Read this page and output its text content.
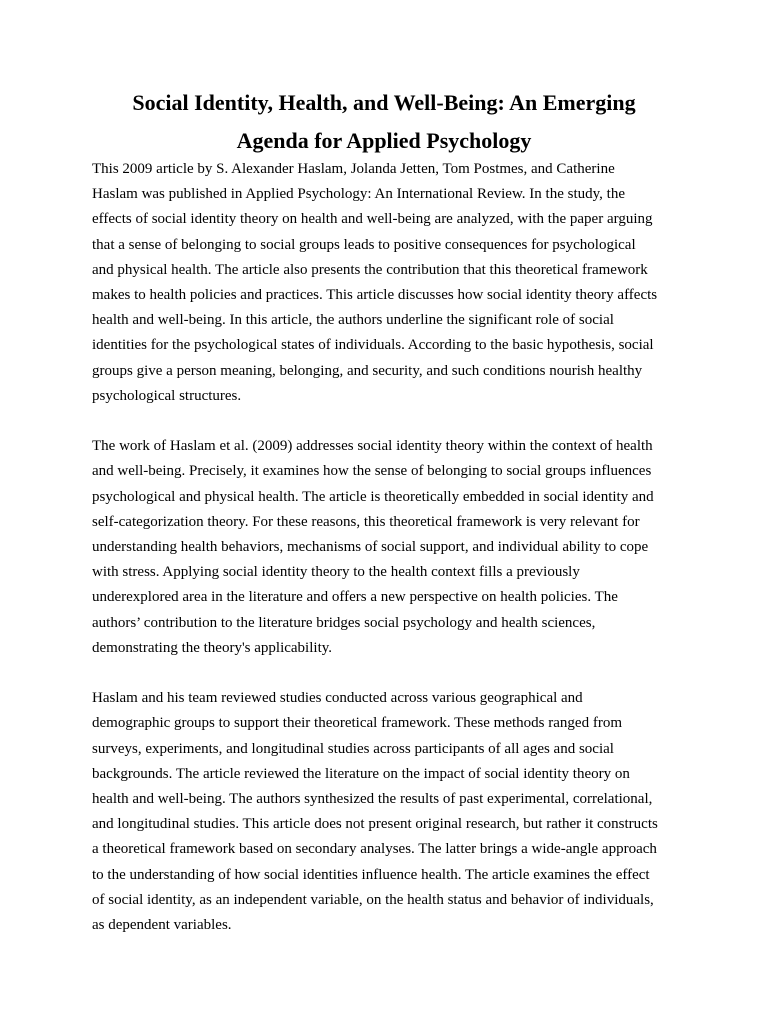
Social Identity, Health, and Well-Being: An Emerging
Agenda for Applied Psychology

This 2009 article by S. Alexander Haslam, Jolanda Jetten, Tom Postmes, and Catherine
Haslam was published in Applied Psychology: An International Review. In the study, the
effects of social identity theory on health and well-being are analyzed, with the paper arguing
that a sense of belonging to social groups leads to positive consequences for psychological
and physical health. The article also presents the contribution that this theoretical framework
makes to health policies and practices. This article discusses how social identity theory affects
health and well-being. In this article, the authors underline the significant role of social
identities for the psychological states of individuals. According to the basic hypothesis, social
groups give a person meaning, belonging, and security, and such conditions nourish healthy
psychological structures.

The work of Haslam et al. (2009) addresses social identity theory within the context of health
and well-being. Precisely, it examines how the sense of belonging to social groups influences
psychological and physical health. The article is theoretically embedded in social identity and
self-categorization theory. For these reasons, this theoretical framework is very relevant for
understanding health behaviors, mechanisms of social support, and individual ability to cope
with stress. Applying social identity theory to the health context fills a previously
underexplored area in the literature and offers a new perspective on health policies. The
authors’ contribution to the literature bridges social psychology and health sciences,
demonstrating the theory's applicability.

Haslam and his team reviewed studies conducted across various geographical and
demographic groups to support their theoretical framework. These methods ranged from
surveys, experiments, and longitudinal studies across participants of all ages and social
backgrounds. The article reviewed the literature on the impact of social identity theory on
health and well-being. The authors synthesized the results of past experimental, correlational,
and longitudinal studies. This article does not present original research, but rather it constructs
a theoretical framework based on secondary analyses. The latter brings a wide-angle approach
to the understanding of how social identities influence health. The article examines the effect
of social identity, as an independent variable, on the health status and behavior of individuals,
as dependent variables.
